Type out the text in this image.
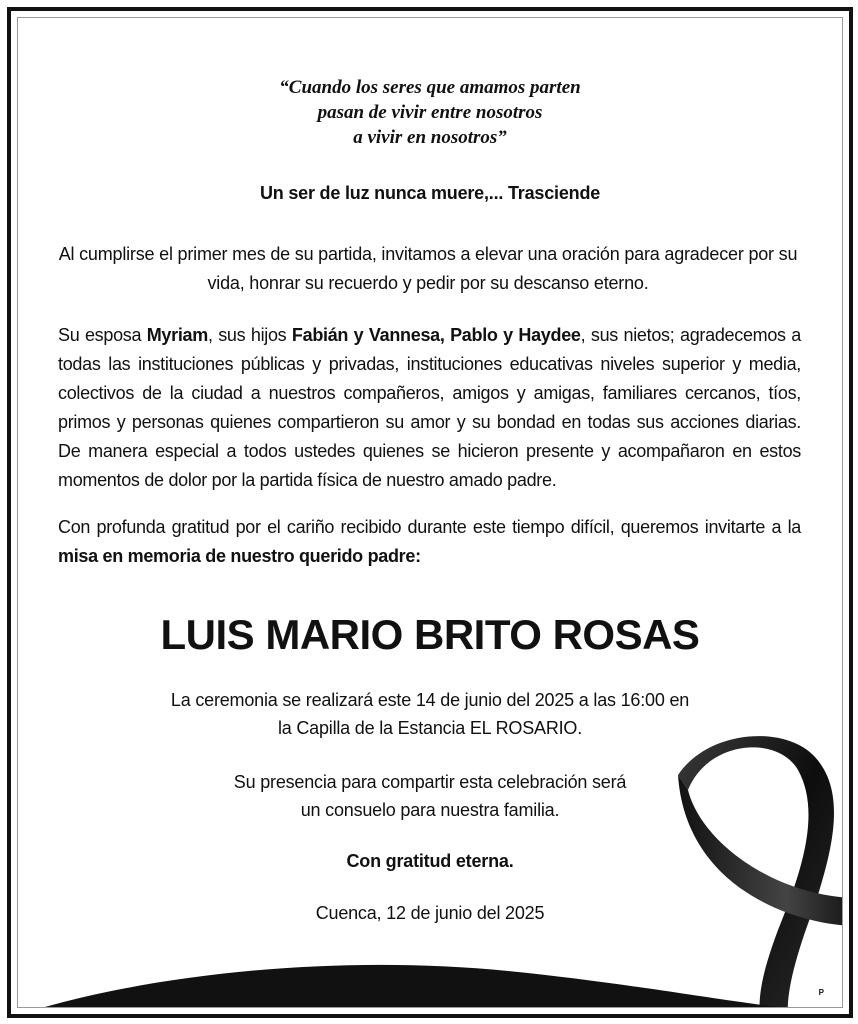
“Cuando los seres que amamos parten
pasan de vivir entre nosotros
a vivir en nosotros”
Un ser de luz nunca muere,... Trasciende
Al cumplirse el primer mes de su partida, invitamos a elevar una oración para agradecer por su vida, honrar su recuerdo y pedir por su descanso eterno.
Su esposa Myriam, sus hijos Fabián y Vannesa, Pablo y Haydee, sus nietos; agradecemos a todas las instituciones públicas y privadas, instituciones educativas niveles superior y media, colectivos de la ciudad a nuestros compañeros, amigos y amigas, familiares cercanos, tíos, primos y personas quienes compartieron su amor y su bondad en todas sus acciones diarias. De manera especial a todos ustedes quienes se hicieron presente y acompañaron en estos momentos de dolor por la partida física de nuestro amado padre.
Con profunda gratitud por el cariño recibido durante este tiempo difícil, queremos invitarte a la misa en memoria de nuestro querido padre:
LUIS MARIO BRITO ROSAS
La ceremonia se realizará este 14 de junio del 2025 a las 16:00 en
la Capilla de la Estancia EL ROSARIO.
Su presencia para compartir esta celebración será
un consuelo para nuestra familia.
Con gratitud eterna.
Cuenca, 12 de junio del 2025
P
